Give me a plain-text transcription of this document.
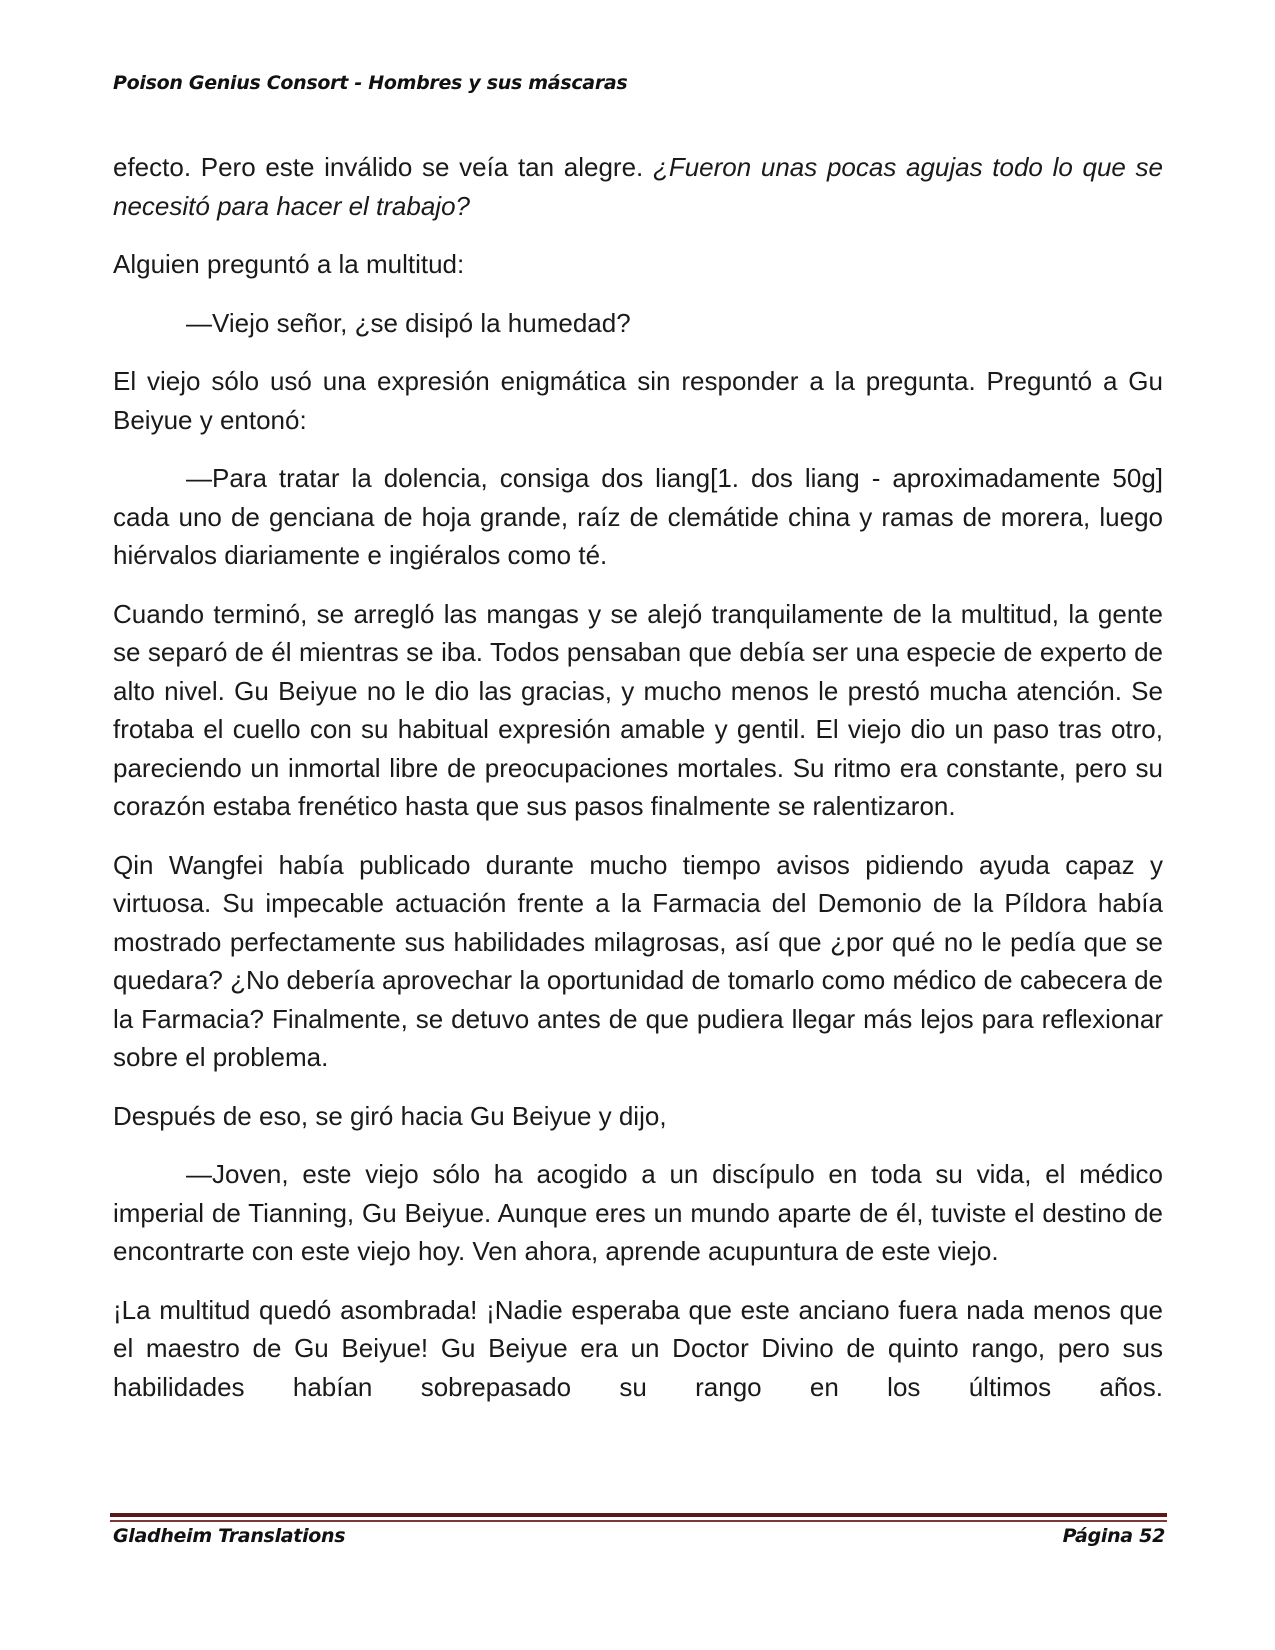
Poison Genius Consort - Hombres y sus máscaras

efecto. Pero este inválido se veía tan alegre. ¿Fueron unas pocas agujas todo lo que se necesitó para hacer el trabajo?

Alguien preguntó a la multitud:

—Viejo señor, ¿se disipó la humedad?

El viejo sólo usó una expresión enigmática sin responder a la pregunta. Preguntó a Gu Beiyue y entonó:

—Para tratar la dolencia, consiga dos liang[1. dos liang - aproximadamente 50g] cada uno de genciana de hoja grande, raíz de clemátide china y ramas de morera, luego hiérvalos diariamente e ingiéralos como té.

Cuando terminó, se arregló las mangas y se alejó tranquilamente de la multitud, la gente se separó de él mientras se iba. Todos pensaban que debía ser una especie de experto de alto nivel. Gu Beiyue no le dio las gracias, y mucho menos le prestó mucha atención. Se frotaba el cuello con su habitual expresión amable y gentil. El viejo dio un paso tras otro, pareciendo un inmortal libre de preocupaciones mortales. Su ritmo era constante, pero su corazón estaba frenético hasta que sus pasos finalmente se ralentizaron.

Qin Wangfei había publicado durante mucho tiempo avisos pidiendo ayuda capaz y virtuosa. Su impecable actuación frente a la Farmacia del Demonio de la Píldora había mostrado perfectamente sus habilidades milagrosas, así que ¿por qué no le pedía que se quedara? ¿No debería aprovechar la oportunidad de tomarlo como médico de cabecera de la Farmacia? Finalmente, se detuvo antes de que pudiera llegar más lejos para reflexionar sobre el problema.

Después de eso, se giró hacia Gu Beiyue y dijo,

—Joven, este viejo sólo ha acogido a un discípulo en toda su vida, el médico imperial de Tianning, Gu Beiyue. Aunque eres un mundo aparte de él, tuviste el destino de encontrarte con este viejo hoy. Ven ahora, aprende acupuntura de este viejo.

¡La multitud quedó asombrada! ¡Nadie esperaba que este anciano fuera nada menos que el maestro de Gu Beiyue! Gu Beiyue era un Doctor Divino de quinto rango, pero sus habilidades habían sobrepasado su rango en los últimos años.

Gladheim Translations	Página 52
